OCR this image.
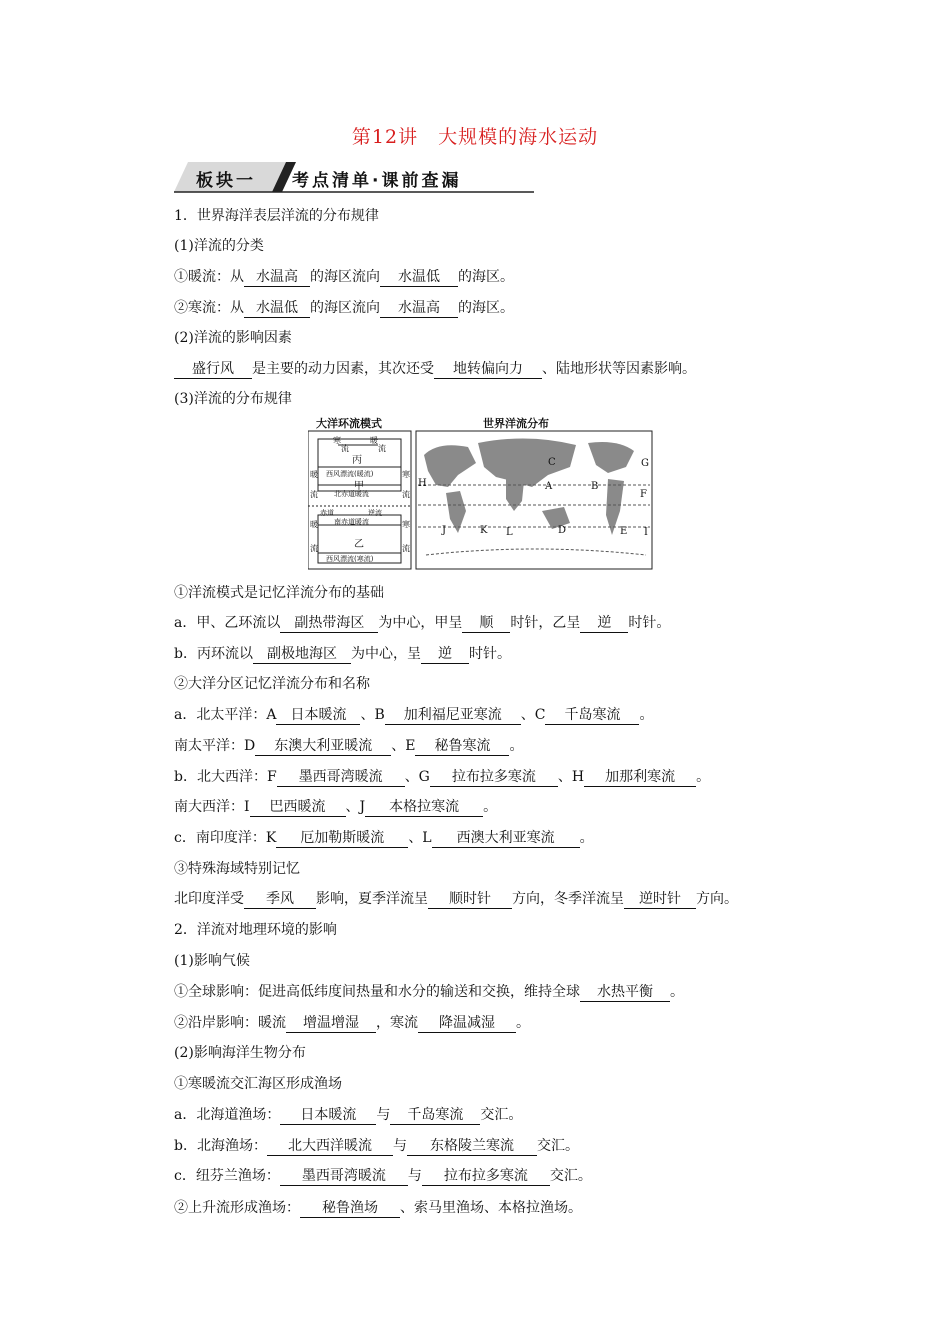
第12讲　大规模的海水运动
板块一 考点清单·课前查漏
1．世界海洋表层洋流的分布规律
(1)洋流的分类
①暖流：从 水温高 的海区流向 水温低 的海区。
②寒流：从 水温低 的海区流向 水温高 的海区。
(2)洋流的影响因素
盛行风 是主要的动力因素，其次还受 地转偏向力 、陆地形状等因素影响。
(3)洋流的分布规律
大洋环流模式	世界洋流分布
寒
流
暖
流
丙
西风漂流(暖流)
甲
北赤道暖流
赤道	逆流
南赤道暖流
乙
西风漂流(寒流)
暖
流
寒
流
暖
流
寒
流
A	B
C
D	E
F
G
H
I
J	K L
①洋流模式是记忆洋流分布的基础
a．甲、乙环流以 副热带海区 为中心，甲呈 顺 时针，乙呈 逆 时针。
b．丙环流以 副极地海区 为中心，呈 逆 时针。
②大洋分区记忆洋流分布和名称
a．北太平洋：A 日本暖流 、B 加利福尼亚寒流 、C 千岛寒流 。
南太平洋：D 东澳大利亚暖流 、E 秘鲁寒流 。
b．北大西洋：F 墨西哥湾暖流 、G 拉布拉多寒流 、H 加那利寒流 。
南大西洋：I 巴西暖流 、J 本格拉寒流 。
c．南印度洋：K 厄加勒斯暖流 、L 西澳大利亚寒流 。
③特殊海域特别记忆
北印度洋受 季风 影响，夏季洋流呈 顺时针 方向，冬季洋流呈 逆时针 方向。
2．洋流对地理环境的影响
(1)影响气候
①全球影响：促进高低纬度间热量和水分的输送和交换，维持全球 水热平衡 。
②沿岸影响：暖流 增温增湿 ，寒流 降温减湿 。
(2)影响海洋生物分布
①寒暖流交汇海区形成渔场
a．北海道渔场： 日本暖流 与 千岛寒流 交汇。
b．北海渔场： 北大西洋暖流 与 东格陵兰寒流 交汇。
c．纽芬兰渔场： 墨西哥湾暖流 与 拉布拉多寒流 交汇。
②上升流形成渔场： 秘鲁渔场 、索马里渔场、本格拉渔场。
